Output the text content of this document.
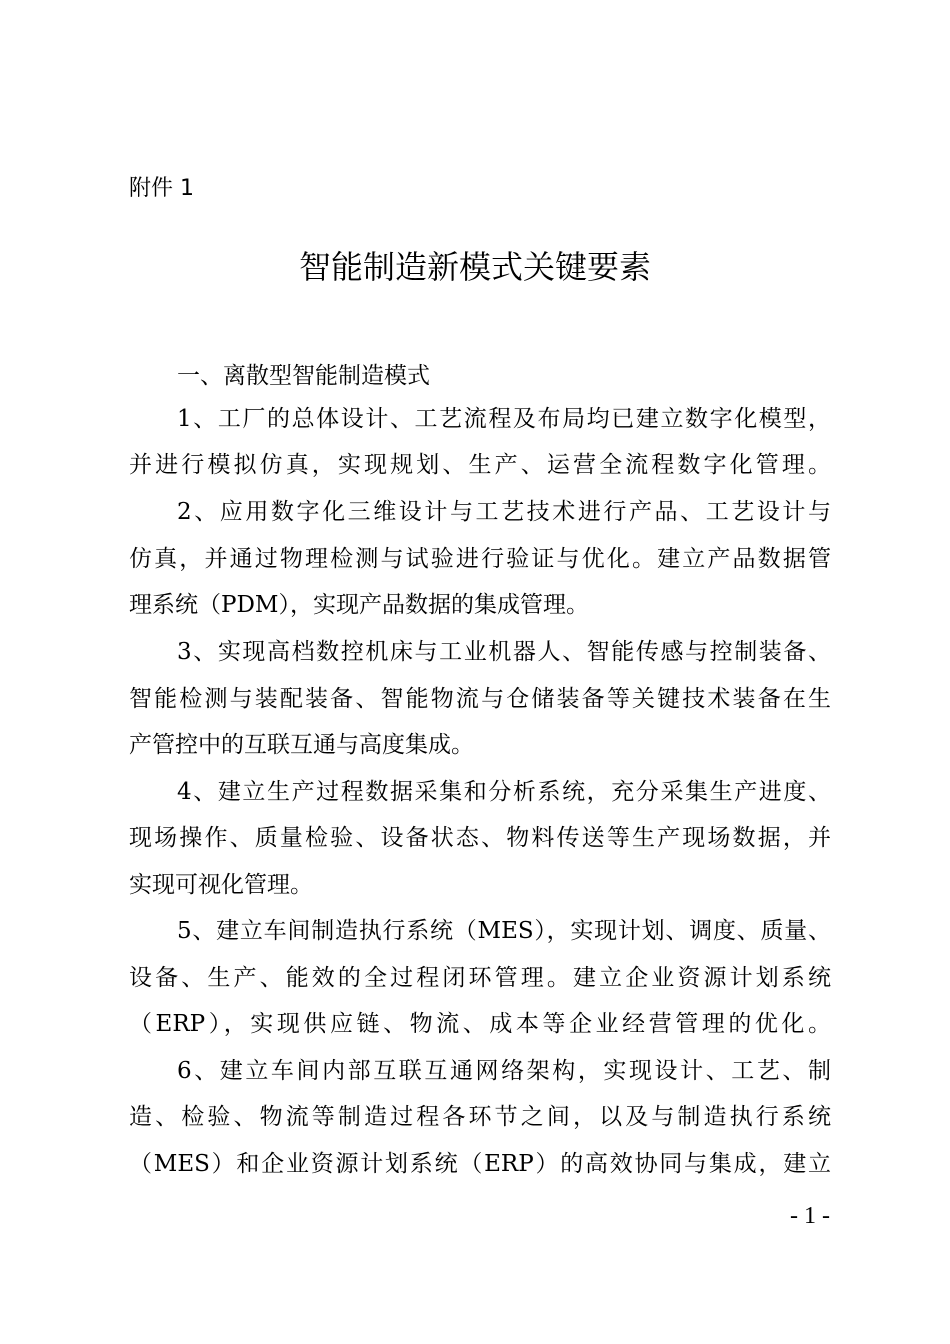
附件 1
智能制造新模式关键要素
一、离散型智能制造模式
1、工厂的总体设计、工艺流程及布局均已建立数字化模型，
并进行模拟仿真，实现规划、生产、运营全流程数字化管理。
2、应用数字化三维设计与工艺技术进行产品、工艺设计与
仿真，并通过物理检测与试验进行验证与优化。建立产品数据管
理系统（PDM），实现产品数据的集成管理。
3、实现高档数控机床与工业机器人、智能传感与控制装备、
智能检测与装配装备、智能物流与仓储装备等关键技术装备在生
产管控中的互联互通与高度集成。
4、建立生产过程数据采集和分析系统，充分采集生产进度、
现场操作、质量检验、设备状态、物料传送等生产现场数据，并
实现可视化管理。
5、建立车间制造执行系统（MES），实现计划、调度、质量、
设备、生产、能效的全过程闭环管理。建立企业资源计划系统
（ERP），实现供应链、物流、成本等企业经营管理的优化。
6、建立车间内部互联互通网络架构，实现设计、工艺、制
造、检验、物流等制造过程各环节之间，以及与制造执行系统
（MES）和企业资源计划系统（ERP）的高效协同与集成，建立
- 1 -
